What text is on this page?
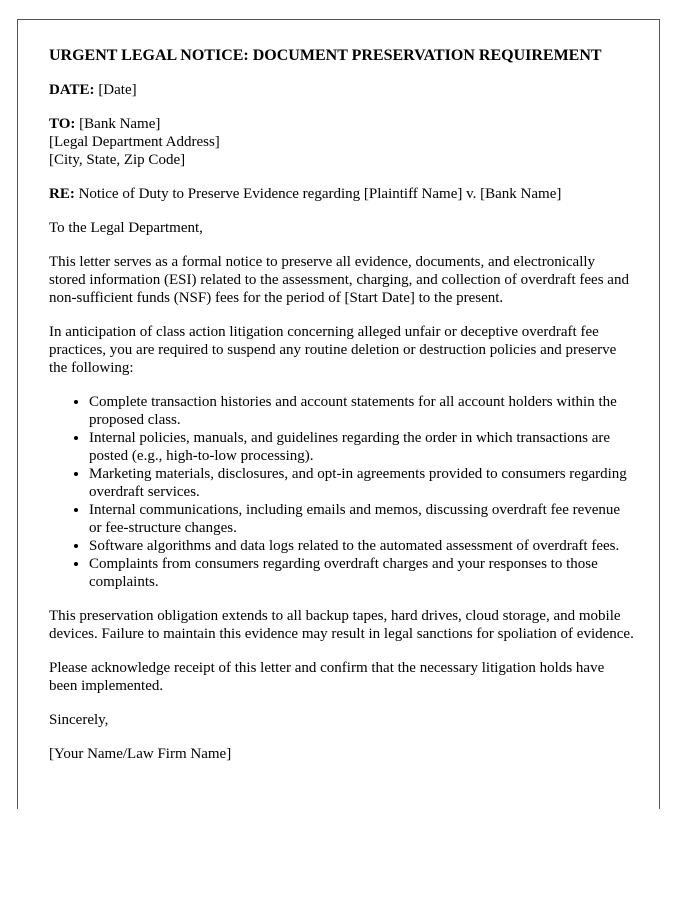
URGENT LEGAL NOTICE: DOCUMENT PRESERVATION REQUIREMENT

DATE: [Date]

TO: [Bank Name]
[Legal Department Address]
[City, State, Zip Code]

RE: Notice of Duty to Preserve Evidence regarding [Plaintiff Name] v. [Bank Name]

To the Legal Department,

This letter serves as a formal notice to preserve all evidence, documents, and electronically stored information (ESI) related to the assessment, charging, and collection of overdraft fees and non-sufficient funds (NSF) fees for the period of [Start Date] to the present.

In anticipation of class action litigation concerning alleged unfair or deceptive overdraft fee practices, you are required to suspend any routine deletion or destruction policies and preserve the following:

• Complete transaction histories and account statements for all account holders within the proposed class.
• Internal policies, manuals, and guidelines regarding the order in which transactions are posted (e.g., high-to-low processing).
• Marketing materials, disclosures, and opt-in agreements provided to consumers regarding overdraft services.
• Internal communications, including emails and memos, discussing overdraft fee revenue or fee-structure changes.
• Software algorithms and data logs related to the automated assessment of overdraft fees.
• Complaints from consumers regarding overdraft charges and your responses to those complaints.

This preservation obligation extends to all backup tapes, hard drives, cloud storage, and mobile devices. Failure to maintain this evidence may result in legal sanctions for spoliation of evidence.

Please acknowledge receipt of this letter and confirm that the necessary litigation holds have been implemented.

Sincerely,

[Your Name/Law Firm Name]
